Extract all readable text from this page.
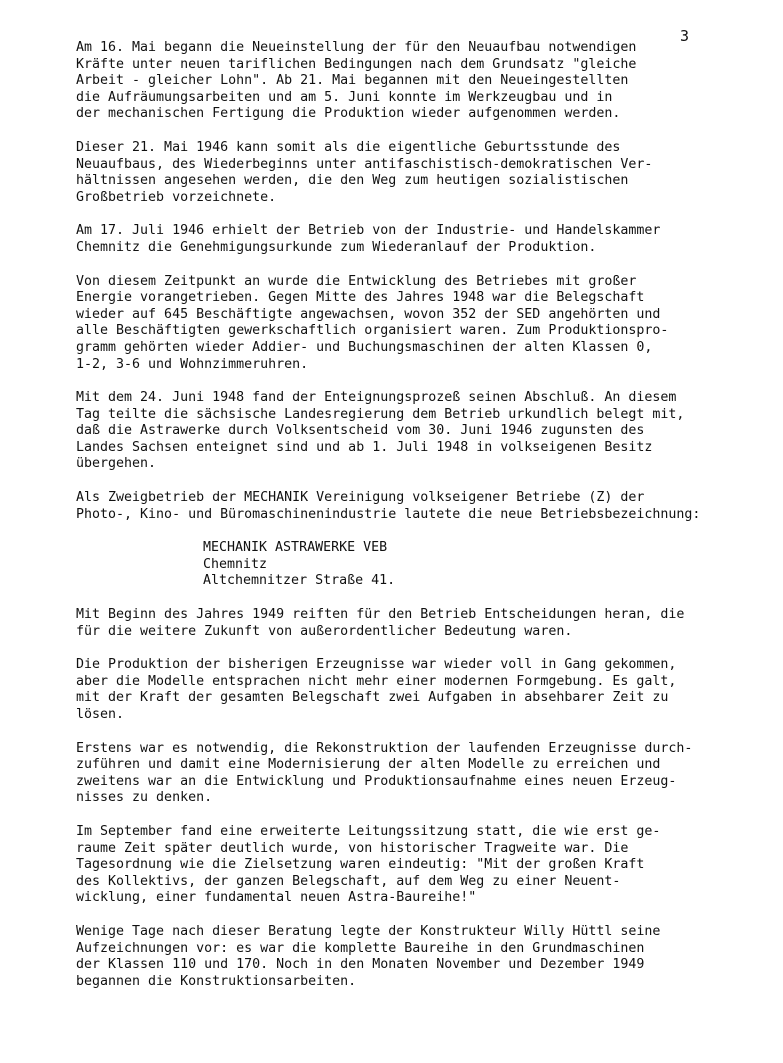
3

Am 16. Mai begann die Neueinstellung der für den Neuaufbau notwendigen
Kräfte unter neuen tariflichen Bedingungen nach dem Grundsatz "gleiche
Arbeit - gleicher Lohn". Ab 21. Mai begannen mit den Neueingestellten
die Aufräumungsarbeiten und am 5. Juni konnte im Werkzeugbau und in
der mechanischen Fertigung die Produktion wieder aufgenommen werden.

Dieser 21. Mai 1946 kann somit als die eigentliche Geburtsstunde des
Neuaufbaus, des Wiederbeginns unter antifaschistisch-demokratischen Ver-
hältnissen angesehen werden, die den Weg zum heutigen sozialistischen
Großbetrieb vorzeichnete.

Am 17. Juli 1946 erhielt der Betrieb von der Industrie- und Handelskammer
Chemnitz die Genehmigungsurkunde zum Wiederanlauf der Produktion.

Von diesem Zeitpunkt an wurde die Entwicklung des Betriebes mit großer
Energie vorangetrieben. Gegen Mitte des Jahres 1948 war die Belegschaft
wieder auf 645 Beschäftigte angewachsen, wovon 352 der SED angehörten und
alle Beschäftigten gewerkschaftlich organisiert waren. Zum Produktionspro-
gramm gehörten wieder Addier- und Buchungsmaschinen der alten Klassen 0,
1-2, 3-6 und Wohnzimmeruhren.

Mit dem 24. Juni 1948 fand der Enteignungsprozeß seinen Abschluß. An diesem
Tag teilte die sächsische Landesregierung dem Betrieb urkundlich belegt mit,
daß die Astrawerke durch Volksentscheid vom 30. Juni 1946 zugunsten des
Landes Sachsen enteignet sind und ab 1. Juli 1948 in volkseigenen Besitz
übergehen.

Als Zweigbetrieb der MECHANIK Vereinigung volkseigener Betriebe (Z) der
Photo-, Kino- und Büromaschinenindustrie lautete die neue Betriebsbezeichnung:

MECHANIK ASTRAWERKE VEB
Chemnitz
Altchemnitzer Straße 41.

Mit Beginn des Jahres 1949 reiften für den Betrieb Entscheidungen heran, die
für die weitere Zukunft von außerordentlicher Bedeutung waren.

Die Produktion der bisherigen Erzeugnisse war wieder voll in Gang gekommen,
aber die Modelle entsprachen nicht mehr einer modernen Formgebung. Es galt,
mit der Kraft der gesamten Belegschaft zwei Aufgaben in absehbarer Zeit zu
lösen.

Erstens war es notwendig, die Rekonstruktion der laufenden Erzeugnisse durch-
zuführen und damit eine Modernisierung der alten Modelle zu erreichen und
zweitens war an die Entwicklung und Produktionsaufnahme eines neuen Erzeug-
nisses zu denken.

Im September fand eine erweiterte Leitungssitzung statt, die wie erst ge-
raume Zeit später deutlich wurde, von historischer Tragweite war. Die
Tagesordnung wie die Zielsetzung waren eindeutig: "Mit der großen Kraft
des Kollektivs, der ganzen Belegschaft, auf dem Weg zu einer Neuent-
wicklung, einer fundamental neuen Astra-Baureihe!"

Wenige Tage nach dieser Beratung legte der Konstrukteur Willy Hüttl seine
Aufzeichnungen vor: es war die komplette Baureihe in den Grundmaschinen
der Klassen 110 und 170. Noch in den Monaten November und Dezember 1949
begannen die Konstruktionsarbeiten.
